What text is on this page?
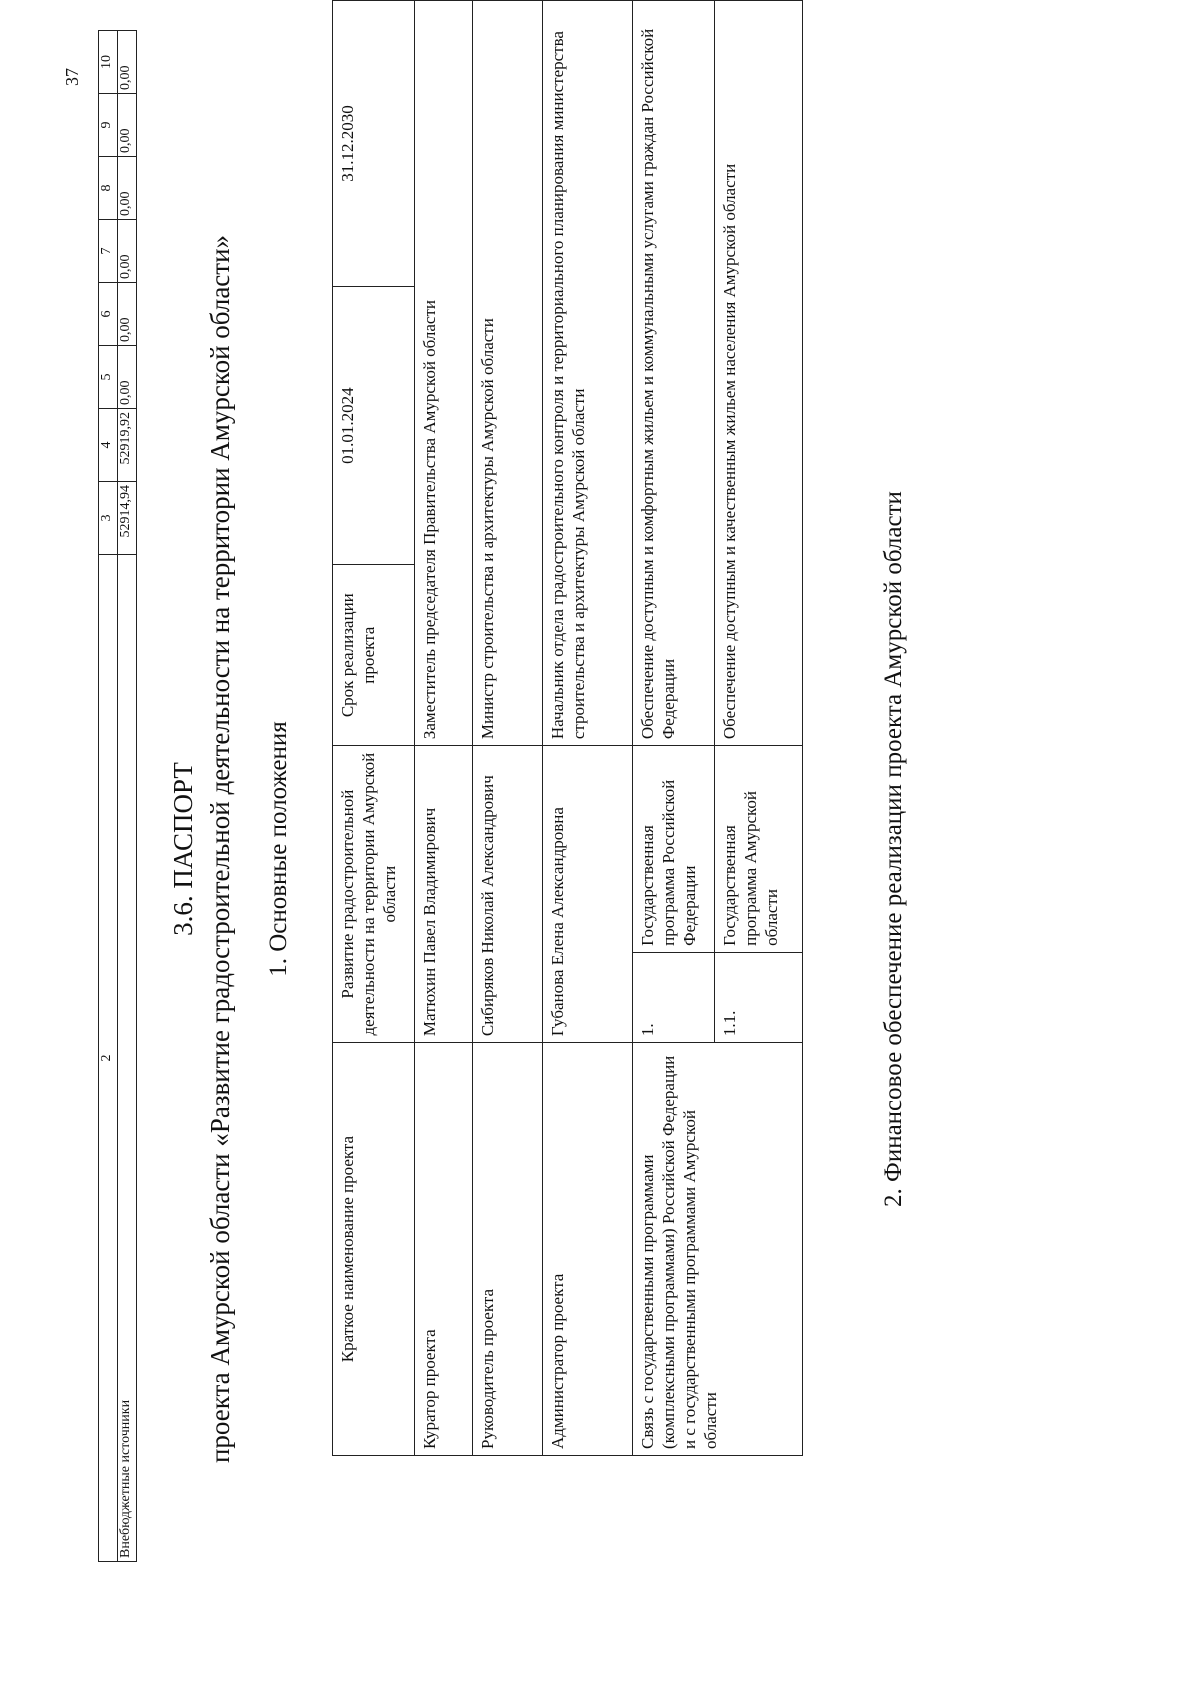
37
2	3	4	5	6	7	8	9	10
Внебюджетные источники	52914,94	52919,92	0,00	0,00	0,00	0,00	0,00	0,00
3.6. ПАСПОРТ проекта Амурской области «Развитие градостроительной деятельности на территории Амурской области» 1. Основные положения
Краткое наименование проекта	Развитие градостроительной деятельности на территории Амурской области		Срок реализации проекта	01.01.2024	31.12.2030
Куратор проекта	Матюхин Павел Владимирович		Заместитель председателя Правительства Амурской области		
Руководитель проекта	Сибиряков Николай Александрович		Министр строительства и архитектуры Амурской области		
Администратор проекта	Губанова Елена Александровна		Начальник отдела градостроительного контроля и территориального планирования министерства строительства и архитектуры Амурской области		
Связь с государственными программами (комплексными программами) Российской Федерации и с государственными программами Амурской области	1.	Государственная программа Российской Федерации	Обеспечение доступным и комфортным жильем и коммунальными услугами граждан Российской Федерации		
	1.1.	Государственная программа Амурской области	Обеспечение доступным и качественным жильем населения Амурской области		
2. Финансовое обеспечение реализации проекта Амурской области
